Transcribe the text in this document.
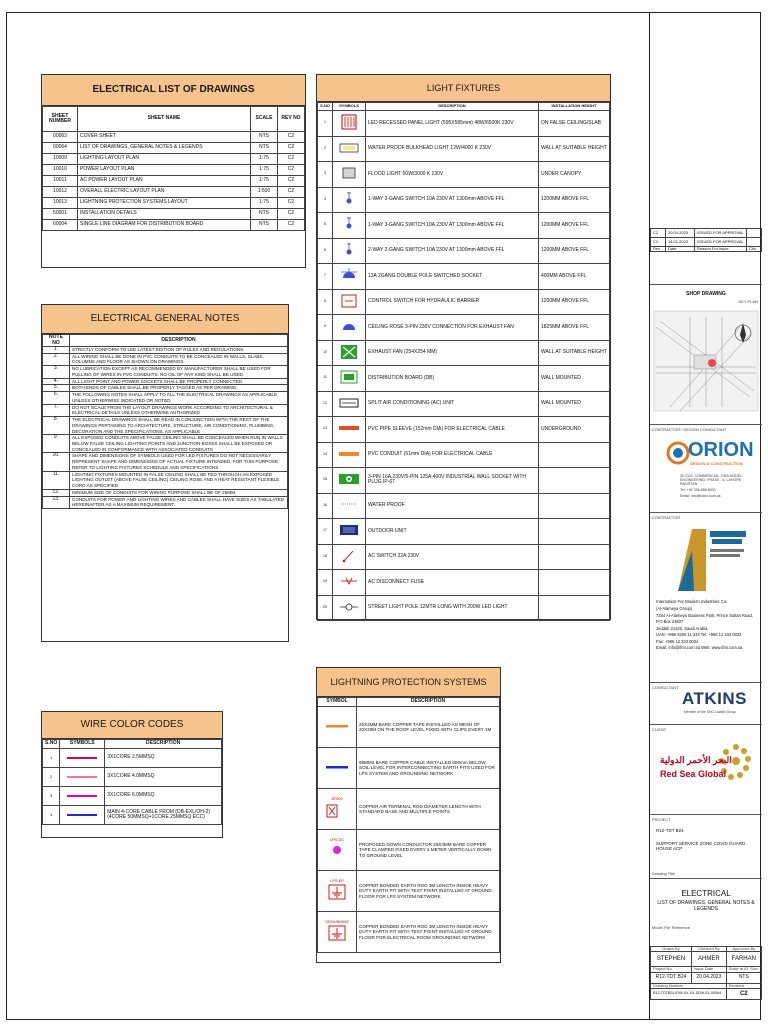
ELECTRICAL LIST OF DRAWINGS
SHEET NUMBER	SHEET NAME	SCALE	REV NO
00063	COVER SHEET	NTS	C2
00064	LIST OF DRAWINGS, GENERAL NOTES & LEGENDS	NTS	C2
10009	LIGHTING LAYOUT PLAN	1:75	C2
10010	POWER LAYOUT PLAN	1:75	C2
10011	AC POWER LAYOUT PLAN	1:75	C2
10012	OVERALL ELECTRIC LAYOUT PLAN	1:500	C2
10013	LIGHTNING PROTECTION SYSTEMS LAYOUT	1:75	C2
50001	INSTALLATION DETAILS	NTS	C2
60004	SINGLE LINE DIAGRAM FOR DISTRIBUTION BOARD	NTS	C2
ELECTRICAL GENERAL NOTES
NOTE NO	DESCRIPTION
1.	STRICTLY CONFORM TO LEE LATEST EDITION OF RULES AND REGULATIONS.
2.	ALL WIRING SHALL BE DONE IN PVC CONDUITS TO BE CONCEALED IN WALLS, SLABS, COLUMNS AND FLOOR AS SHOWN ON DRAWINGS.
3.	NO LUBRICATION EXCEPT AS RECOMMENDED BY MANUFACTURER SHALL BE USED FOR PULLING OF WIRES IN PVC CONDUITS. NO OIL OF ANY KIND SHALL BE USED.
4.	ALL LIGHT POINT AND POWER SOCKETS SHALL BE PROPERLY CONNECTED.
5.	BOTH ENDS OF CABLES SHALL BE PROPERLY TAGGED AS PER DRAWING.
6.	THE FOLLOWING NOTES SHALL APPLY TO ALL THE ELECTRICAL DRAWINGS AS APPLICABLE UNLESS OTHERWISE INDICATED OR NOTED
7.	DO NOT SCALE FROM THE LAYOUT DRAWINGS WORK ACCORDING TO ARCHITECTURAL & ELECTRICAL DETAILS UNLESS OTHERWISE AUTHORIZED
8.	THE ELECTRICAL DRAWINGS SHALL BE READ IN CONJUNCTION WITH THE REST OF THE DRAWINGS PERTAINING TO ARCHITECTURE, STRUCTURE, AIR CONDITIONING, PLUMBING, DECORATION AND THE SPECIFICATIONS, AS APPLICABLE
9.	ALL EXPOSED CONDUITS ABOVE FALSE CEILING SHALL BE CONCEALED WHEN RUN IN WALLS BELOW FALSE CEILING LIGHTING POINTS AND JUNCTION BOXES SHALL BE EXPOSED OR CONCEALED IN CONFORMANCE WITH ASSOCIATED CONDUITS
10.	SHAPE AND DIMENSIONS OF SYMBOLS USED FOR LED FIXTURES DO NOT NECESSARILY REPRESENT SHAPE AND DIMENSIONS OF ACTUAL FIXTURE INTENDED. FOR THIS PURPOSE REFER TO LIGHTING FIXTURES SCHEDULE AND SPECIFICATIONS
11.	LIGHTING FIXTURES MOUNTED IN FALSE CEILING SHALL BE FED THROUGH AN EXPOSED LIGHTING OUTLET (ABOVE FALSE CEILING) CEILING ROSE AND A HEAT RESISTANT FLEXIBLE CORD AS SPECIFIED
12.	MINIMUM SIZE OF CONDUITS FOR WIRING PURPOSE SHALL BE OF 25MM.
13.	CONDUITS FOR POWER AND LIGHTING WIRES AND CABLES SHALL HAVE SIZES AS TABULATED HEREINAFTER AS A MAXIMUM REQUIREMENT.
WIRE COLOR CODES
S.NO	SYMBOLS	DESCRIPTION
1		3X1CORE 2.5MMSQ
2		3X1CORE 4.0MMSQ
3		3X1CORE 6.0MMSQ
4		MAIN 4-CORE CABLE FROM (DB-EXL/OH-2) (4CORE 50MMSQ+1CORE 25MMSQ ECC)
LIGHT FIXTURES
S.NO	SYMBOLS	DESCRIPTION	INSTALLATION HEIGHT
1		LED RECESSED PANEL LIGHT (595X595mm) 48W/6500K 230V	ON FALSE CEILING/SLAB
2		WATER PROOF BULKHEAD LIGHT 12W/4000 K 230V	WALL AT SUITABLE HEIGHT
3		FLOOD LIGHT 50W/3000 K 230V	UNDER CANOPY
4		1-WAY 2-GANG SWITCH 10A 230V AT 1300mm ABOVE FFL	1200MM ABOVE FFL
5		1-WAY 3-GANG SWITCH 10A 230V AT 1300mm ABOVE FFL	1200MM ABOVE FFL
6		2-WAY 2-GANG SWITCH 10A 230V AT 1300mm ABOVE FFL	1200MM ABOVE FFL
7		13A 2GANG DOUBLE POLE SWITCHED SOCKET	400MM ABOVE FFL
8		CONTROL SWITCH FOR HYDRAULIC BARRIER	1200MM ABOVE FFL
9		CEILING ROSE 3-PIN 230V CONNECTION FOR EXHAUST FAN	1825MM ABOVE FFL
10		EXHAUST FAN (254X254 MM)	WALL AT SUITABLE HEIGHT
11		DISTRIBUTION BOARD (DB)	WALL MOUNTED
12		SPLIT AIR CONDITIONING (AC) UNIT	WALL MOUNTED
13		PVC PIPE SLEEVE (152mm DIA) FOR ELECTRICAL CABLE	UNDERGROUND
14		PVC CONDUIT (51mm DIA) FOR ELECTRICAL CABLE	
15		3-PIN 16A,230V/5-PIN 125A,400V INDUSTRIAL WALL SOCKET WITH PLUG IP-67	
16		WATER PROOF	
17		OUTDOOR UNIT	
18		AC SWITCH 32A 230V	
19		AC DISCONNECT FUSE	
20		STREET LIGHT POLE 12MTR LONG WITH 200W LED LIGHT	
LIGHTNING PROTECTION SYSTEMS
SYMBOL	DESCRIPTION
	25X3MM BARE COPPER TAPE INSTALLED AS MESH OF 20X20M ON THE ROOF LEVEL FIXED WITH CLIPS EVERY 1M
	95MM2 BARE COPPER CABLE INSTALLED 600mm BELOW SOIL LEVEL FOR INTERCONNECTING EARTH PITS USED FOR LPS SYSTEM AND GROUNDING NETWORK

AT500	COPPER AIR TERMINAL ROD DIAMETER LENGTH WITH STANDARD BASE AND MULTIPLE POINTS

LPS-DC	PROPOSED DOWN CONDUCTOR 25X3MM BARE COPPER TAPE CLAMPED FIXED EVERY 1 METER VERTICALLY DOWN TO GROUND LEVEL

LPS-EP	COPPER BONDED EARTH ROD 3M LENGTH INSIDE HEAVY DUTY EARTH PIT WITH TEST POINT INSTALLED AT GROUND FLOOR FOR LPS SYSTEM NETWORK

GROUNDING	COPPER BONDED EARTH ROD 3M LENGTH INSIDE HEAVY DUTY EARTH PIT WITH TEST POINT INSTALLED AT GROUND FLOOR FOR ELECTRICAL ROOM GROUNDING NETWORK
C2	20.04.2023	ISSUED FOR APPROVAL	
C1	14.01.2023	ISSUED FOR APPROVAL	
Rev	Date	Reason For Issue	Chk
SHOP DRAWING
KEY PLAN
CONTRACTOR / DESIGN CONSULTANT
ORION
DESIGN & CONSTRUCTION
32-CCA, COMMERCIAL, DHA MODEL ENGINEERING, PHASE - 6, LAHORE PAKISTAN
Tel: +92 336 888 8000
Email: info@odcs.com.pk
CONTRACTOR
Internation For Modern Industries Co.
(Al-Alameya Group)
7284 Al-Alameya Business Park, Prince Sultan Road,
P.O.Box 23837
Jeddah 21426, Saudi Arabia
UAN: +966 9200 11 333 Tel: +966 12 233 0033
Fax: +966 12 233 0034
Email: info@ifmi.com.sa Web: www.ifmi.com.sa
CONSULTANT
ATKINS
Member of the SNC-Lavalin Group
CLIENT
البحر الأحمر الدولية
Red Sea Global
PROJECT
R12-TDT B24
SUPPORT SERVICE ZONE COVID GUARD HOUSE ACP
Drawing Title
ELECTRICAL
LIST OF DRAWINGS, GENERAL NOTES & LEGENDS
Model File Reference
Drawn By	Checked By	Approved By
STEPHEN	AHMER	FARHAN
Project No	Issue Date	Scale at A1 Size
R12-TDT B24	20.04.2023	NTS
Drawing Number		Revision
R12-TDTB24-IFMI-XX-XX-DDW-EL-00064		C2
